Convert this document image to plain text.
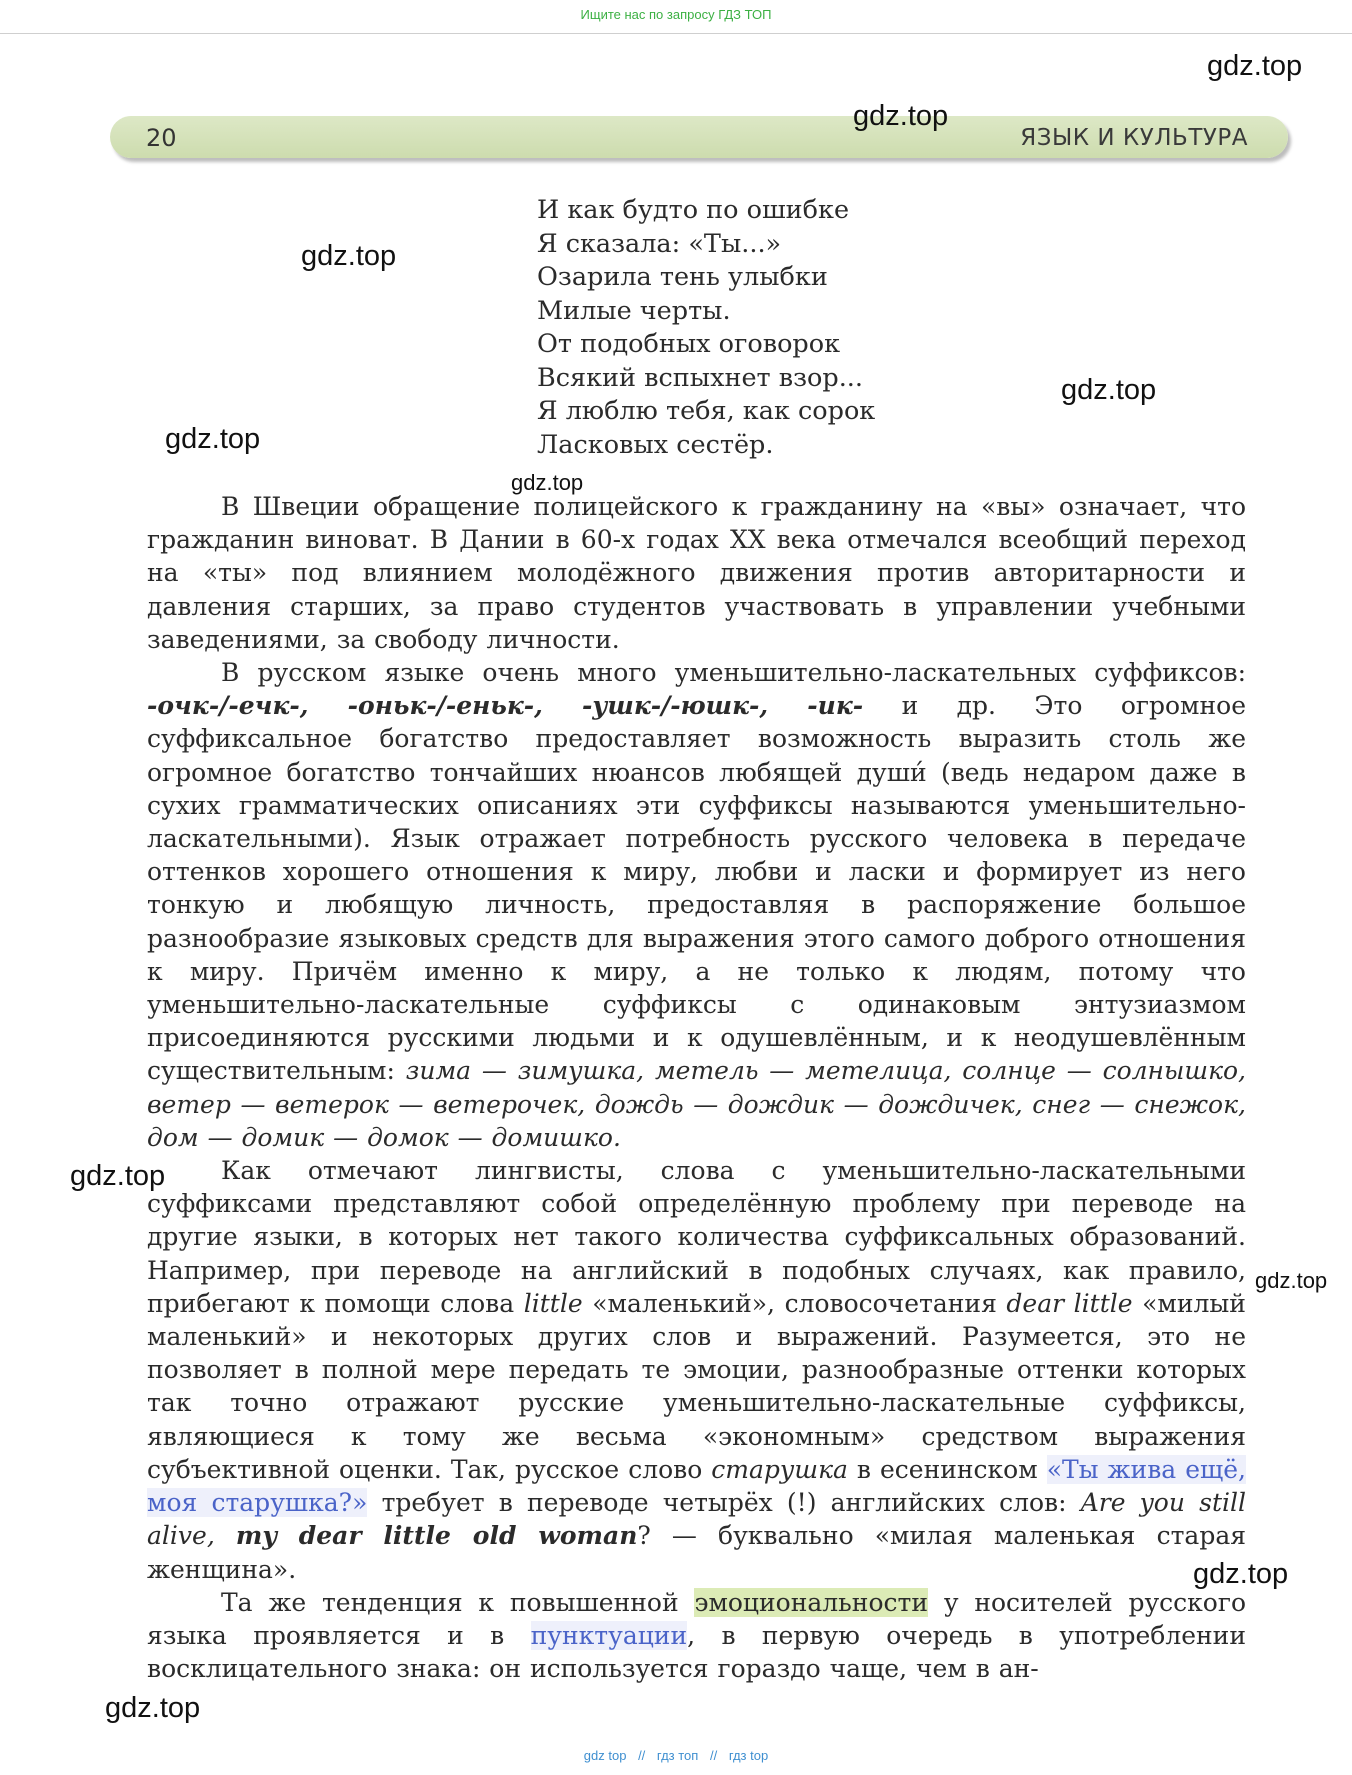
Ищите нас по запросу ГДЗ ТОП
gdz.top
20	ЯЗЫК И КУЛЬТУРА
gdz.top
gdz.top
gdz.top
gdz.top
gdz.top
И как будто по ошибке
Я сказала: «Ты...»
Озарила тень улыбки
Милые черты.
От подобных оговорок
Всякий вспыхнет взор...
Я люблю тебя, как сорок
Ласковых сестёр.

В Швеции обращение полицейского к гражданину на «вы» означает, что гражданин виноват. В Дании в 60-х годах XX века отмечался всеобщий переход на «ты» под влиянием молодёжного движения против авторитарности и давления старших, за право студентов участвовать в управлении учебными заведениями, за свободу личности.

В русском языке очень много уменьшительно-ласкательных суффиксов: -очк-/-ечк-, -оньк-/-еньк-, -ушк-/-юшк-, -ик- и др. Это огромное суффиксальное богатство предоставляет возможность выразить столь же огромное богатство тончайших нюансов любящей души́ (ведь недаром даже в сухих грамматических описаниях эти суффиксы называются уменьшительно-ласкательными). Язык отражает потребность русского человека в передаче оттенков хорошего отношения к миру, любви и ласки и формирует из него тонкую и любящую личность, предоставляя в распоряжение большое разнообразие языковых средств для выражения этого самого доброго отношения к миру. Причём именно к миру, а не только к людям, потому что уменьшительно-ласкательные суффиксы с одинаковым энтузиазмом присоединяются русскими людьми и к одушевлённым, и к неодушевлённым существительным: зима — зимушка, метель — метелица, солнце — солнышко, ветер — ветерок — ветерочек, дождь — дождик — дождичек, снег — снежок, дом — домик — домок — домишко.

Как отмечают лингвисты, слова с уменьшительно-ласкательными суффиксами представляют собой определённую проблему при переводе на другие языки, в которых нет такого количества суффиксальных образований. Например, при переводе на английский в подобных случаях, как правило, прибегают к помощи слова little «маленький», словосочетания dear little «милый маленький» и некоторых других слов и выражений. Разумеется, это не позволяет в полной мере передать те эмоции, разнообразные оттенки которых так точно отражают русские уменьшительно-ласкательные суффиксы, являющиеся к тому же весьма «экономным» средством выражения субъективной оценки. Так, русское слово старушка в есенинском «Ты жива ещё, моя старушка?» требует в переводе четырёх (!) английских слов: Are you still alive, my dear little old woman? — буквально «милая маленькая старая женщина».

Та же тенденция к повышенной эмоциональности у носителей русского языка проявляется и в пунктуации, в первую очередь в употреблении восклицательного знака: он используется гораздо чаще, чем в ан-

gdz.top
gdz.top
gdz.top
gdz.top
gdz top // гдз топ // гдз top
